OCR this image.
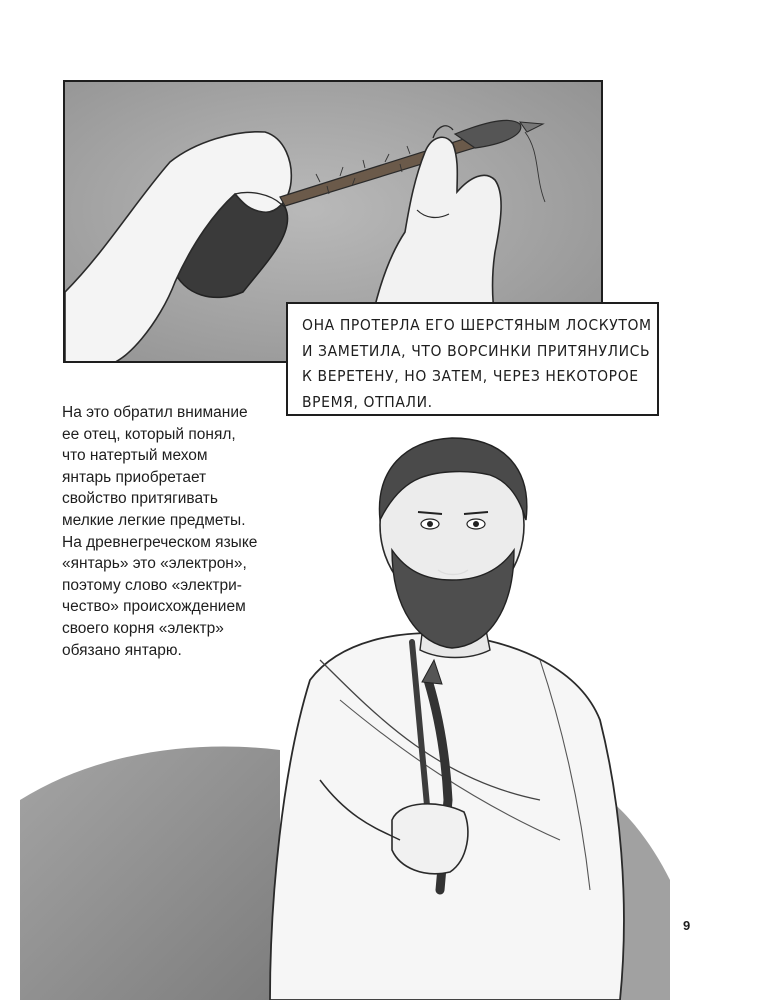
ОНА ПРОТЕРЛА ЕГО ШЕРСТЯНЫМ ЛОСКУТОМ
И ЗАМЕТИЛА, ЧТО ВОРСИНКИ ПРИТЯНУЛИСЬ
К ВЕРЕТЕНУ, НО ЗАТЕМ, ЧЕРЕЗ НЕКОТОРОЕ
ВРЕМЯ, ОТПАЛИ.
На это обратил внимание
ее отец, который понял,
что натертый мехом
янтарь приобретает
свойство притягивать
мелкие легкие предметы.
На древнегреческом языке
«янтарь» это «электрон»,
поэтому слово «электри-
чество» происхождением
своего корня «электр»
обязано янтарю.
9
